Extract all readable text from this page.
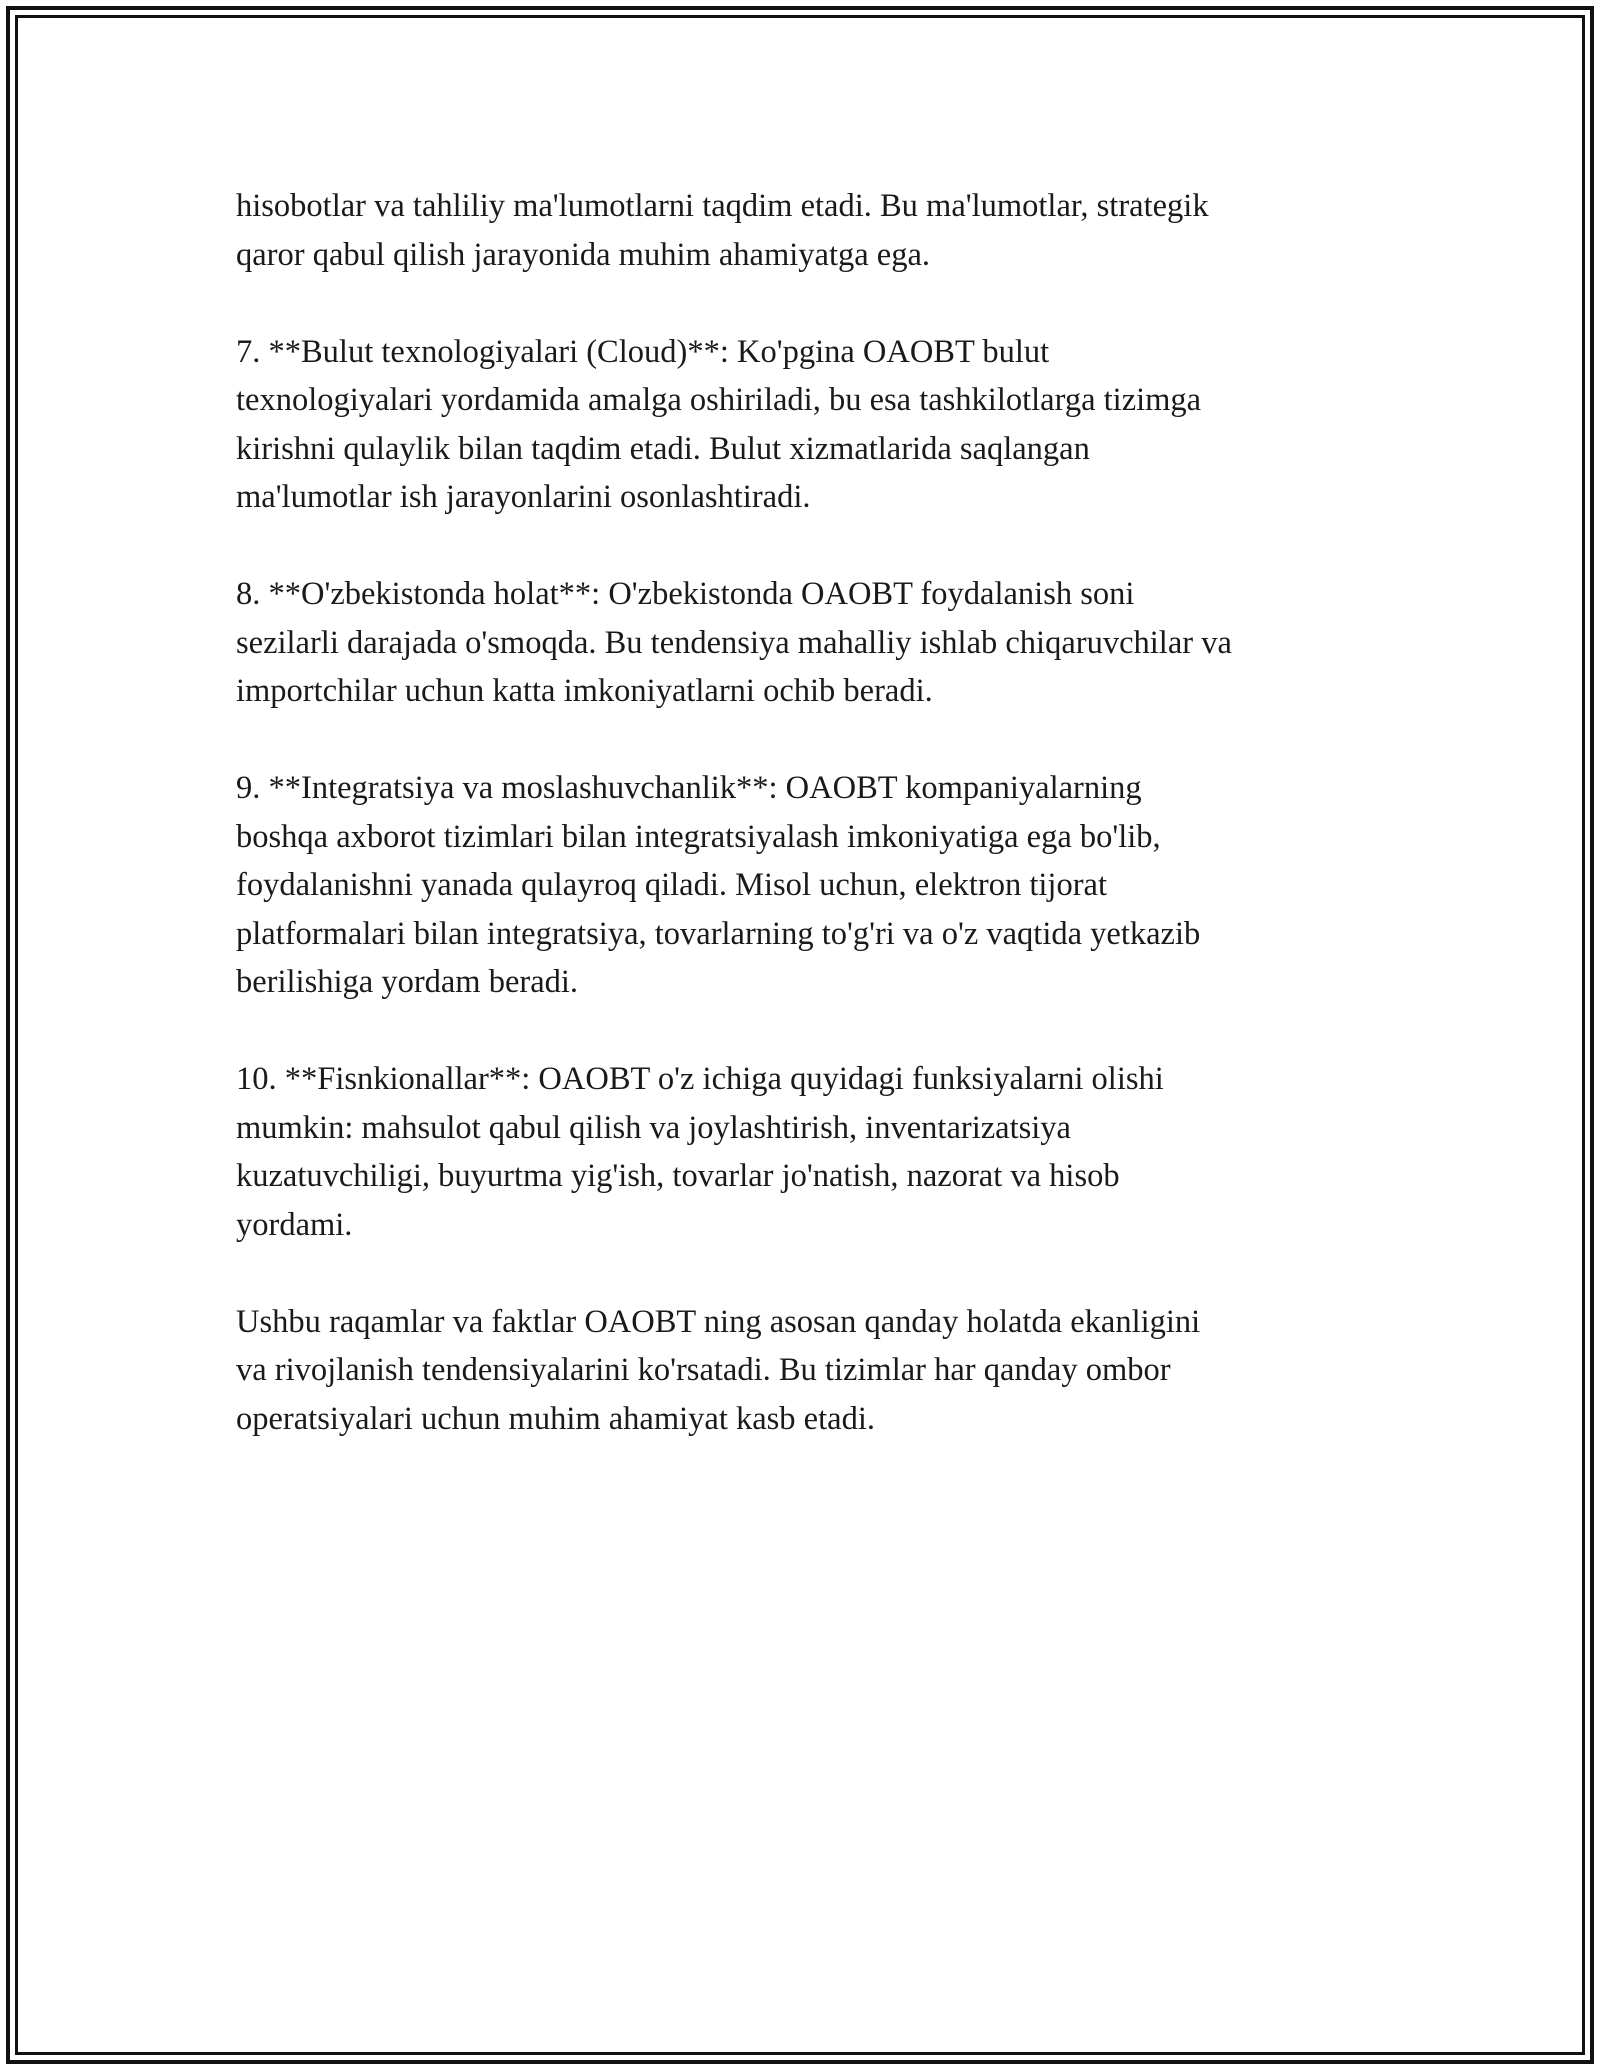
hisobotlar va tahliliy ma'lumotlarni taqdim etadi. Bu ma'lumotlar, strategik
qaror qabul qilish jarayonida muhim ahamiyatga ega.

7. **Bulut texnologiyalari (Cloud)**: Ko'pgina OAOBT bulut
texnologiyalari yordamida amalga oshiriladi, bu esa tashkilotlarga tizimga
kirishni qulaylik bilan taqdim etadi. Bulut xizmatlarida saqlangan
ma'lumotlar ish jarayonlarini osonlashtiradi.

8. **O'zbekistonda holat**: O'zbekistonda OAOBT foydalanish soni
sezilarli darajada o'smoqda. Bu tendensiya mahalliy ishlab chiqaruvchilar va
importchilar uchun katta imkoniyatlarni ochib beradi.

9. **Integratsiya va moslashuvchanlik**: OAOBT kompaniyalarning
boshqa axborot tizimlari bilan integratsiyalash imkoniyatiga ega bo'lib,
foydalanishni yanada qulayroq qiladi. Misol uchun, elektron tijorat
platformalari bilan integratsiya, tovarlarning to'g'ri va o'z vaqtida yetkazib
berilishiga yordam beradi.

10. **Fisnkionallar**: OAOBT o'z ichiga quyidagi funksiyalarni olishi
mumkin: mahsulot qabul qilish va joylashtirish, inventarizatsiya
kuzatuvchiligi, buyurtma yig'ish, tovarlar jo'natish, nazorat va hisob
yordami.

Ushbu raqamlar va faktlar OAOBT ning asosan qanday holatda ekanligini
va rivojlanish tendensiyalarini ko'rsatadi. Bu tizimlar har qanday ombor
operatsiyalari uchun muhim ahamiyat kasb etadi.
